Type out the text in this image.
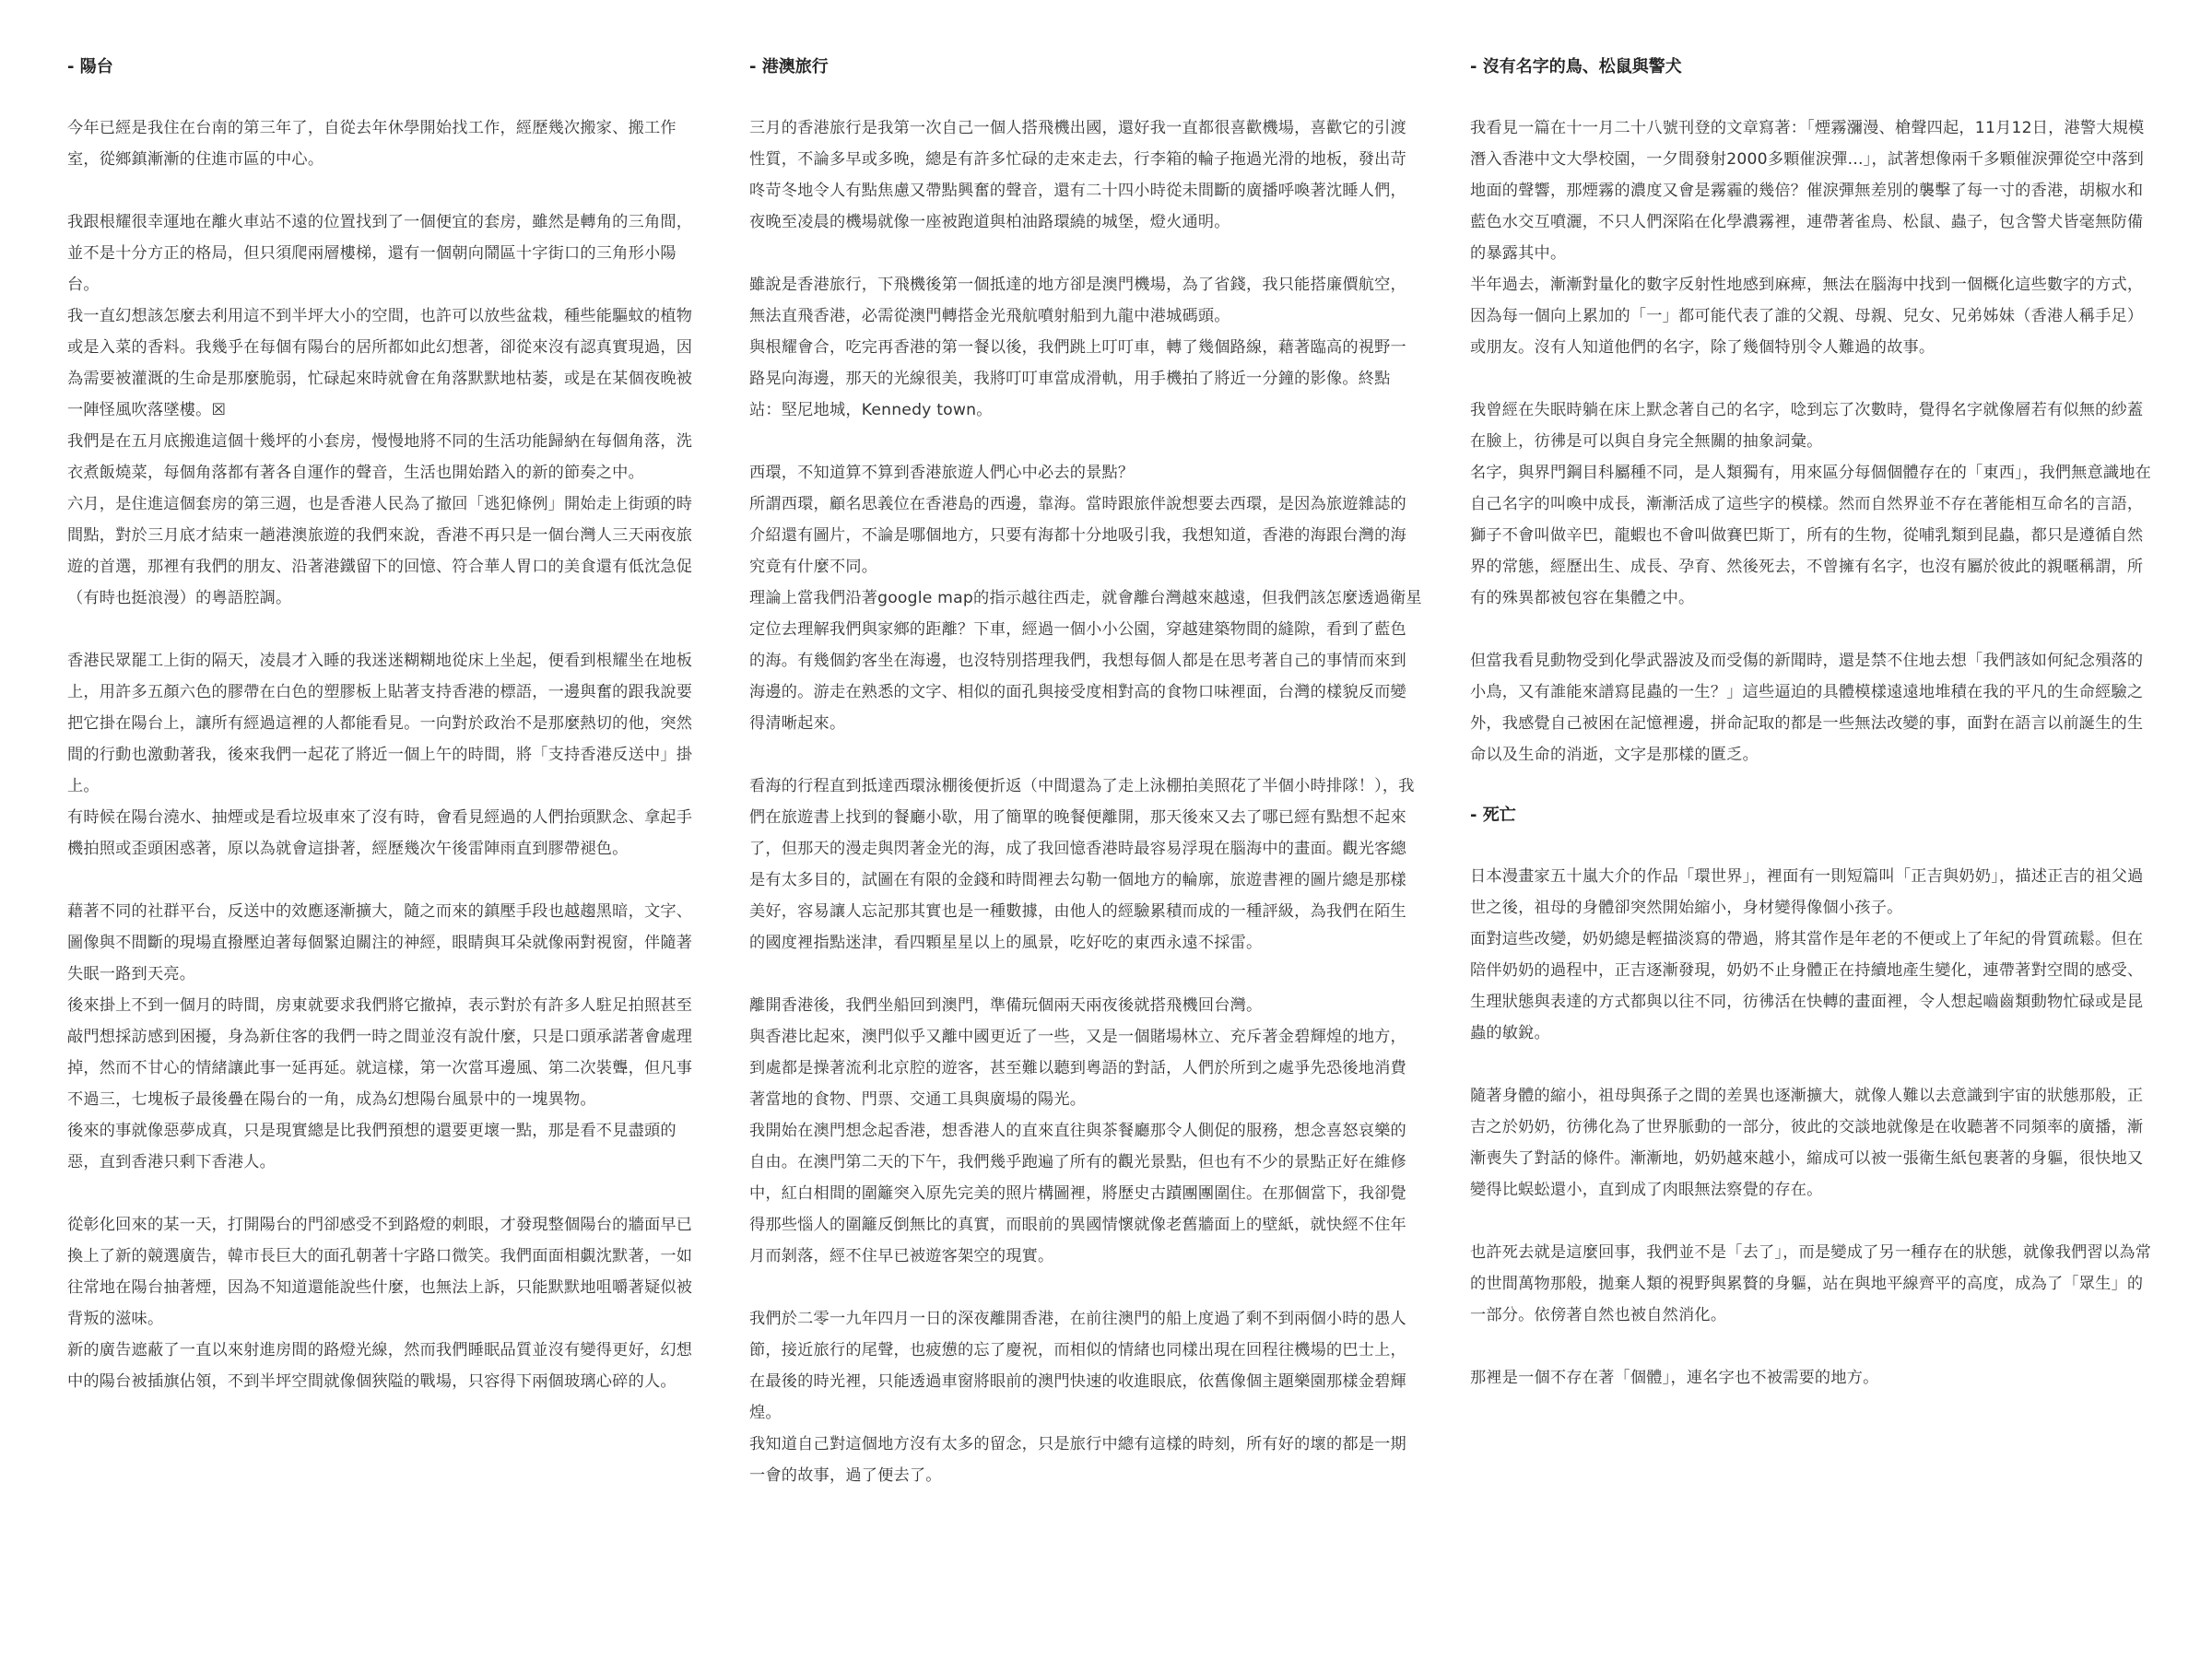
- 陽台

今年已經是我住在台南的第三年了，自從去年休學開始找工作，經歷幾次搬家、搬工作室，從鄉鎮漸漸的住進市區的中心。

我跟根耀很幸運地在離火車站不遠的位置找到了一個便宜的套房，雖然是轉角的三角間，並不是十分方正的格局，但只須爬兩層樓梯，還有一個朝向鬧區十字街口的三角形小陽台。

我一直幻想該怎麼去利用這不到半坪大小的空間，也許可以放些盆栽，種些能驅蚊的植物或是入菜的香料。我幾乎在每個有陽台的居所都如此幻想著，卻從來沒有認真實現過，因為需要被灌溉的生命是那麼脆弱，忙碌起來時就會在角落默默地枯萎，或是在某個夜晚被一陣怪風吹落墜樓。☒

我們是在五月底搬進這個十幾坪的小套房，慢慢地將不同的生活功能歸納在每個角落，洗衣煮飯燒菜，每個角落都有著各自運作的聲音，生活也開始踏入的新的節奏之中。

六月，是住進這個套房的第三週，也是香港人民為了撤回「逃犯條例」開始走上街頭的時間點，對於三月底才結束一趟港澳旅遊的我們來說，香港不再只是一個台灣人三天兩夜旅遊的首選，那裡有我們的朋友、沿著港鐵留下的回憶、符合華人胃口的美食還有低沈急促（有時也挺浪漫）的粵語腔調。

香港民眾罷工上街的隔天，凌晨才入睡的我迷迷糊糊地從床上坐起，便看到根耀坐在地板上，用許多五顏六色的膠帶在白色的塑膠板上貼著支持香港的標語，一邊與奮的跟我說要把它掛在陽台上，讓所有經過這裡的人都能看見。一向對於政治不是那麼熱切的他，突然間的行動也激動著我，後來我們一起花了將近一個上午的時間，將「支持香港反送中」掛上。

有時候在陽台澆水、抽煙或是看垃圾車來了沒有時，會看見經過的人們抬頭默念、拿起手機拍照或歪頭困惑著，原以為就會這掛著，經歷幾次午後雷陣雨直到膠帶褪色。

藉著不同的社群平台，反送中的效應逐漸擴大，隨之而來的鎮壓手段也越趨黑暗，文字、圖像與不間斷的現場直撥壓迫著每個緊迫關注的神經，眼睛與耳朵就像兩對視窗，伴隨著失眠一路到天亮。

後來掛上不到一個月的時間，房東就要求我們將它撤掉，表示對於有許多人駐足拍照甚至敲門想採訪感到困擾，身為新住客的我們一時之間並沒有說什麼，只是口頭承諾著會處理掉，然而不甘心的情緒讓此事一延再延。就這樣，第一次當耳邊風、第二次裝聾，但凡事不過三，七塊板子最後疊在陽台的一角，成為幻想陽台風景中的一塊異物。

後來的事就像惡夢成真，只是現實總是比我們預想的還要更壞一點，那是看不見盡頭的惡，直到香港只剩下香港人。

從彰化回來的某一天，打開陽台的門卻感受不到路燈的刺眼，才發現整個陽台的牆面早已換上了新的競選廣告，韓市長巨大的面孔朝著十字路口微笑。我們面面相覷沈默著，一如往常地在陽台抽著煙，因為不知道還能說些什麼，也無法上訴，只能默默地咀嚼著疑似被背叛的滋味。

新的廣告遮蔽了一直以來射進房間的路燈光線，然而我們睡眠品質並沒有變得更好，幻想中的陽台被插旗佔領，不到半坪空間就像個狹隘的戰場，只容得下兩個玻璃心碎的人。

- 港澳旅行

三月的香港旅行是我第一次自己一個人搭飛機出國，還好我一直都很喜歡機場，喜歡它的引渡性質，不論多早或多晚，總是有許多忙碌的走來走去，行李箱的輪子拖過光滑的地板，發出苛咚苛冬地令人有點焦慮又帶點興奮的聲音，還有二十四小時從未間斷的廣播呼喚著沈睡人們，夜晚至凌晨的機場就像一座被跑道與柏油路環繞的城堡，燈火通明。

雖說是香港旅行，下飛機後第一個抵達的地方卻是澳門機場，為了省錢，我只能搭廉價航空，無法直飛香港，必需從澳門轉搭金光飛航噴射船到九龍中港城碼頭。

與根耀會合，吃完再香港的第一餐以後，我們跳上叮叮車，轉了幾個路線，藉著臨高的視野一路晃向海邊，那天的光線很美，我將叮叮車當成滑軌，用手機拍了將近一分鐘的影像。終點站：堅尼地城，Kennedy town。

西環，不知道算不算到香港旅遊人們心中必去的景點？

所謂西環，顧名思義位在香港島的西邊，靠海。當時跟旅伴說想要去西環，是因為旅遊雜誌的介紹還有圖片，不論是哪個地方，只要有海都十分地吸引我，我想知道，香港的海跟台灣的海究竟有什麼不同。

理論上當我們沿著google map的指示越往西走，就會離台灣越來越遠，但我們該怎麼透過衛星定位去理解我們與家鄉的距離？下車，經過一個小小公園，穿越建築物間的縫隙，看到了藍色的海。有幾個釣客坐在海邊，也沒特別搭理我們，我想每個人都是在思考著自己的事情而來到海邊的。游走在熟悉的文字、相似的面孔與接受度相對高的食物口味裡面，台灣的樣貌反而變得清晰起來。

看海的行程直到抵達西環泳棚後便折返（中間還為了走上泳棚拍美照花了半個小時排隊！），我們在旅遊書上找到的餐廳小歇，用了簡單的晚餐便離開，那天後來又去了哪已經有點想不起來了，但那天的漫走與閃著金光的海，成了我回憶香港時最容易浮現在腦海中的畫面。觀光客總是有太多目的，試圖在有限的金錢和時間裡去勾勒一個地方的輪廓，旅遊書裡的圖片總是那樣美好，容易讓人忘記那其實也是一種數據，由他人的經驗累積而成的一種評級，為我們在陌生的國度裡指點迷津，看四顆星星以上的風景，吃好吃的東西永遠不採雷。

離開香港後，我們坐船回到澳門，準備玩個兩天兩夜後就搭飛機回台灣。

與香港比起來，澳門似乎又離中國更近了一些，又是一個賭場林立、充斥著金碧輝煌的地方，到處都是操著流利北京腔的遊客，甚至難以聽到粵語的對話，人們於所到之處爭先恐後地消費著當地的食物、門票、交通工具與廣場的陽光。

我開始在澳門想念起香港，想香港人的直來直往與茶餐廳那令人側促的服務，想念喜怒哀樂的自由。在澳門第二天的下午，我們幾乎跑遍了所有的觀光景點，但也有不少的景點正好在維修中，紅白相間的圍籬突入原先完美的照片構圖裡，將歷史古蹟團團圍住。在那個當下，我卻覺得那些惱人的圍籬反倒無比的真實，而眼前的異國情懷就像老舊牆面上的壁紙，就快經不住年月而剝落，經不住早已被遊客架空的現實。

我們於二零一九年四月一日的深夜離開香港，在前往澳門的船上度過了剩不到兩個小時的愚人節，接近旅行的尾聲，也疲憊的忘了慶祝，而相似的情緒也同樣出現在回程往機場的巴士上，在最後的時光裡，只能透過車窗將眼前的澳門快速的收進眼底，依舊像個主題樂園那樣金碧輝煌。

我知道自己對這個地方沒有太多的留念，只是旅行中總有這樣的時刻，所有好的壞的都是一期一會的故事，過了便去了。

- 沒有名字的鳥、松鼠與警犬

我看見一篇在十一月二十八號刊登的文章寫著：「煙霧瀰漫、槍聲四起，11月12日，港警大規模潛入香港中文大學校園，一夕間發射2000多顆催淚彈...」，試著想像兩千多顆催淚彈從空中落到地面的聲響，那煙霧的濃度又會是霧霾的幾倍？催淚彈無差別的襲擊了每一寸的香港，胡椒水和藍色水交互噴灑，不只人們深陷在化學濃霧裡，連帶著雀鳥、松鼠、蟲子，包含警犬皆毫無防備的暴露其中。

半年過去，漸漸對量化的數字反射性地感到麻痺，無法在腦海中找到一個概化這些數字的方式，因為每一個向上累加的「一」都可能代表了誰的父親、母親、兒女、兄弟姊妹（香港人稱手足）或朋友。沒有人知道他們的名字，除了幾個特別令人難過的故事。

我曾經在失眠時躺在床上默念著自己的名字，唸到忘了次數時，覺得名字就像層若有似無的紗蓋在臉上，彷彿是可以與自身完全無關的抽象詞彙。

名字，與界門鋼目科屬種不同，是人類獨有，用來區分每個個體存在的「東西」，我們無意識地在自己名字的叫喚中成長，漸漸活成了這些字的模樣。然而自然界並不存在著能相互命名的言語，獅子不會叫做辛巴，龍蝦也不會叫做賽巴斯丁，所有的生物，從哺乳類到昆蟲，都只是遵循自然界的常態，經歷出生、成長、孕育、然後死去，不曾擁有名字，也沒有屬於彼此的親暱稱謂，所有的殊異都被包容在集體之中。

但當我看見動物受到化學武器波及而受傷的新聞時，還是禁不住地去想「我們該如何紀念殞落的小鳥，又有誰能來譜寫昆蟲的一生？」這些逼迫的具體模樣遠遠地堆積在我的平凡的生命經驗之外，我感覺自己被困在記憶裡邊，拼命記取的都是一些無法改變的事，面對在語言以前誕生的生命以及生命的消逝，文字是那樣的匱乏。

- 死亡

日本漫畫家五十嵐大介的作品「環世界」，裡面有一則短篇叫「正吉與奶奶」，描述正吉的祖父過世之後，祖母的身體卻突然開始縮小，身材變得像個小孩子。

面對這些改變，奶奶總是輕描淡寫的帶過，將其當作是年老的不便或上了年紀的骨質疏鬆。但在陪伴奶奶的過程中，正吉逐漸發現，奶奶不止身體正在持續地產生變化，連帶著對空間的感受、生理狀態與表達的方式都與以往不同，彷彿活在快轉的畫面裡，令人想起嚙齒類動物忙碌或是昆蟲的敏銳。

隨著身體的縮小，祖母與孫子之間的差異也逐漸擴大，就像人難以去意識到宇宙的狀態那般，正吉之於奶奶，彷彿化為了世界脈動的一部分，彼此的交談地就像是在收聽著不同頻率的廣播，漸漸喪失了對話的條件。漸漸地，奶奶越來越小，縮成可以被一張衛生紙包裹著的身軀，很快地又變得比蜈蚣還小，直到成了肉眼無法察覺的存在。

也許死去就是這麼回事，我們並不是「去了」，而是變成了另一種存在的狀態，就像我們習以為常的世間萬物那般，拋棄人類的視野與累贅的身軀，站在與地平線齊平的高度，成為了「眾生」的一部分。依傍著自然也被自然消化。

那裡是一個不存在著「個體」，連名字也不被需要的地方。
